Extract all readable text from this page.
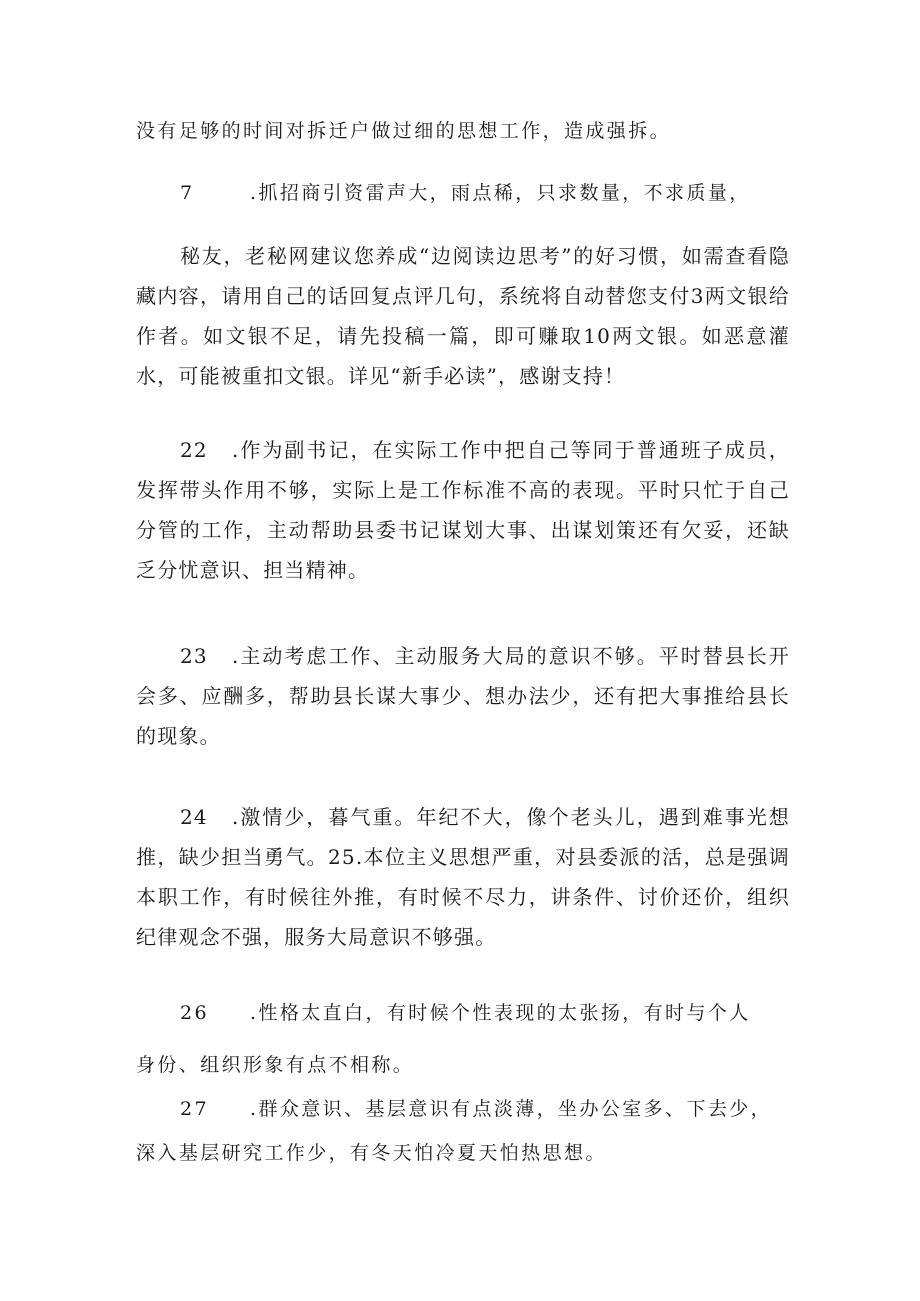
没有足够的时间对拆迁户做过细的思想工作，造成强拆。
7	.抓招商引资雷声大，雨点稀，只求数量，不求质量，
秘友，老秘网建议您养成“边阅读边思考”的好习惯，如需查看隐藏内容，请用自己的话回复点评几句，系统将自动替您支付3两文银给作者。如文银不足，请先投稿一篇，即可赚取10两文银。如恶意灌水，可能被重扣文银。详见“新手必读”，感谢支持！
22 .作为副书记，在实际工作中把自己等同于普通班子成员，发挥带头作用不够，实际上是工作标准不高的表现。平时只忙于自己分管的工作，主动帮助县委书记谋划大事、出谋划策还有欠妥，还缺乏分忧意识、担当精神。
23 .主动考虑工作、主动服务大局的意识不够。平时替县长开会多、应酬多，帮助县长谋大事少、想办法少，还有把大事推给县长的现象。
24 .激情少，暮气重。年纪不大，像个老头儿，遇到难事光想推，缺少担当勇气。25.本位主义思想严重，对县委派的活，总是强调本职工作，有时候往外推，有时候不尽力，讲条件、讨价还价，组织纪律观念不强，服务大局意识不够强。
26 .性格太直白，有时候个性表现的太张扬，有时与个人
身份、组织形象有点不相称。
27 .群众意识、基层意识有点淡薄，坐办公室多、下去少，
深入基层研究工作少，有冬天怕冷夏天怕热思想。
